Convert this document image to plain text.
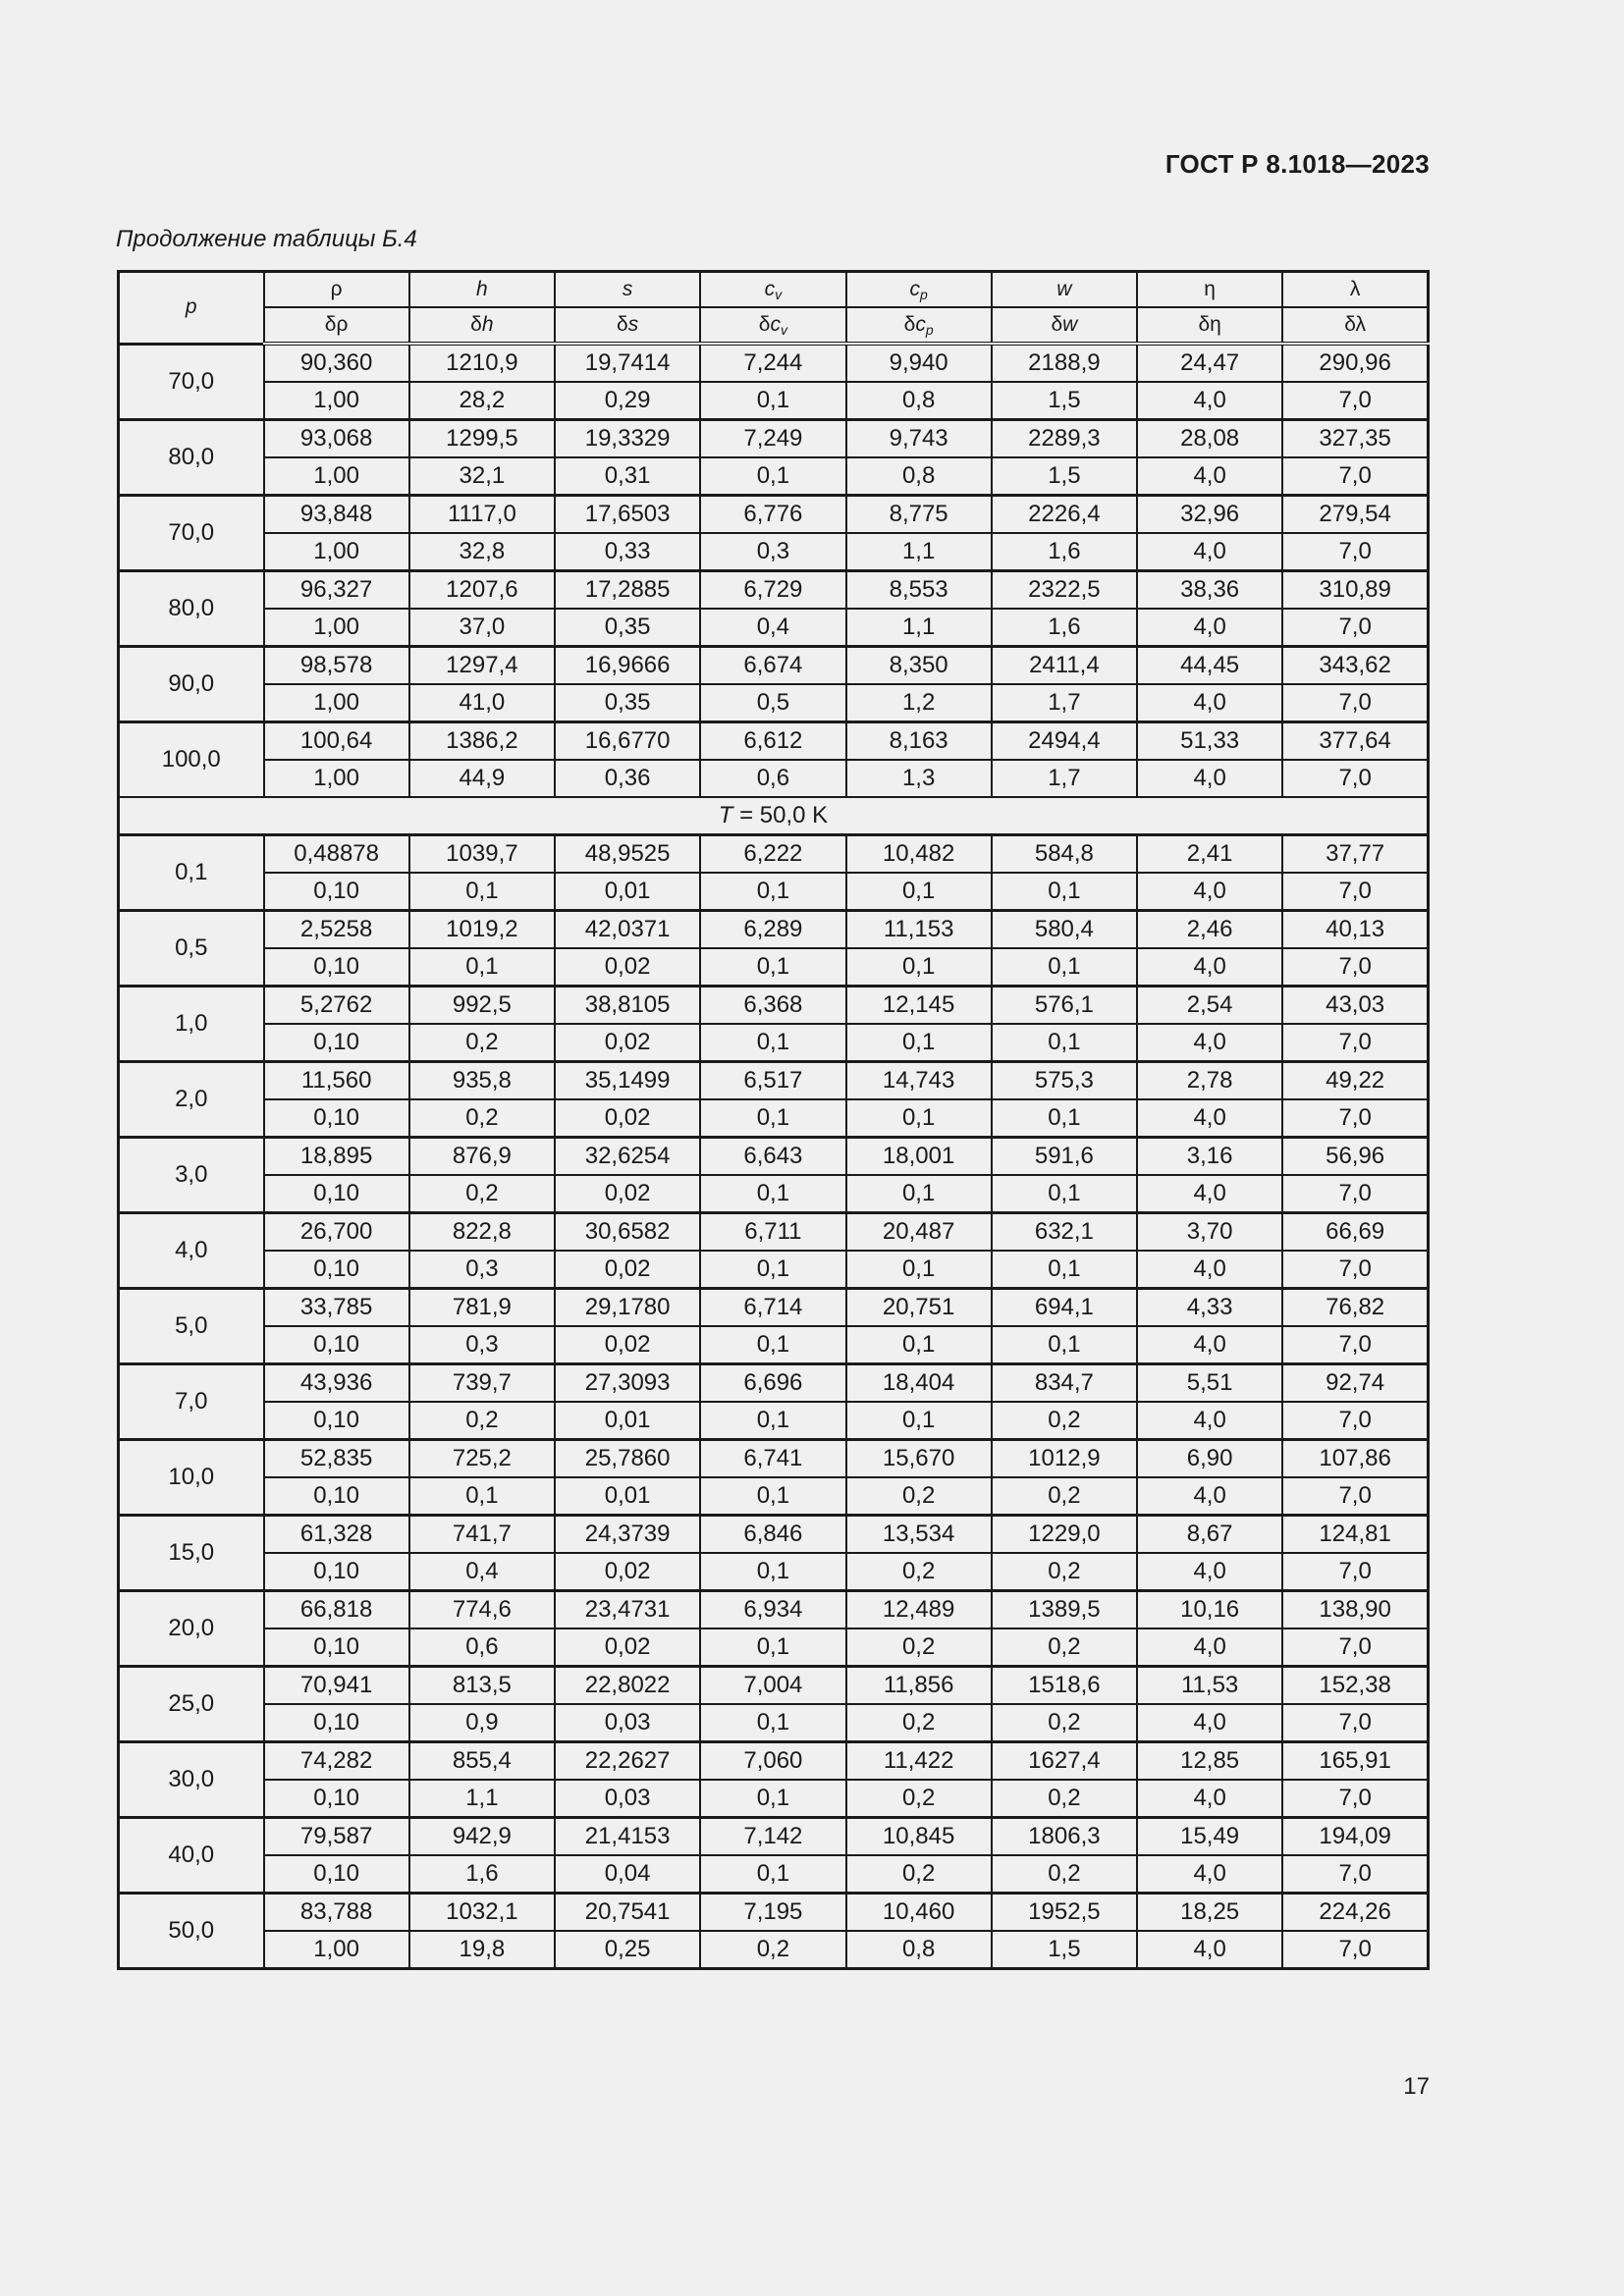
ГОСТ Р 8.1018—2023
Продолжение таблицы Б.4
p	ρ	h	s	$c_v$	$c_p$	w	η	λ
	δρ	δh	δs	$\delta c_v$	$\delta c_p$	δw	δη	δλ
70,0	90,360	1210,9	19,7414	7,244	9,940	2188,9	24,47	290,96
	1,00	28,2	0,29	0,1	0,8	1,5	4,0	7,0
80,0	93,068	1299,5	19,3329	7,249	9,743	2289,3	28,08	327,35
	1,00	32,1	0,31	0,1	0,8	1,5	4,0	7,0
70,0	93,848	1117,0	17,6503	6,776	8,775	2226,4	32,96	279,54
	1,00	32,8	0,33	0,3	1,1	1,6	4,0	7,0
80,0	96,327	1207,6	17,2885	6,729	8,553	2322,5	38,36	310,89
	1,00	37,0	0,35	0,4	1,1	1,6	4,0	7,0
90,0	98,578	1297,4	16,9666	6,674	8,350	2411,4	44,45	343,62
	1,00	41,0	0,35	0,5	1,2	1,7	4,0	7,0
100,0	100,64	1386,2	16,6770	6,612	8,163	2494,4	51,33	377,64
	1,00	44,9	0,36	0,6	1,3	1,7	4,0	7,0
T = 50,0 K								
0,1	0,48878	1039,7	48,9525	6,222	10,482	584,8	2,41	37,77
	0,10	0,1	0,01	0,1	0,1	0,1	4,0	7,0
0,5	2,5258	1019,2	42,0371	6,289	11,153	580,4	2,46	40,13
	0,10	0,1	0,02	0,1	0,1	0,1	4,0	7,0
1,0	5,2762	992,5	38,8105	6,368	12,145	576,1	2,54	43,03
	0,10	0,2	0,02	0,1	0,1	0,1	4,0	7,0
2,0	11,560	935,8	35,1499	6,517	14,743	575,3	2,78	49,22
	0,10	0,2	0,02	0,1	0,1	0,1	4,0	7,0
3,0	18,895	876,9	32,6254	6,643	18,001	591,6	3,16	56,96
	0,10	0,2	0,02	0,1	0,1	0,1	4,0	7,0
4,0	26,700	822,8	30,6582	6,711	20,487	632,1	3,70	66,69
	0,10	0,3	0,02	0,1	0,1	0,1	4,0	7,0
5,0	33,785	781,9	29,1780	6,714	20,751	694,1	4,33	76,82
	0,10	0,3	0,02	0,1	0,1	0,1	4,0	7,0
7,0	43,936	739,7	27,3093	6,696	18,404	834,7	5,51	92,74
	0,10	0,2	0,01	0,1	0,1	0,2	4,0	7,0
10,0	52,835	725,2	25,7860	6,741	15,670	1012,9	6,90	107,86
	0,10	0,1	0,01	0,1	0,2	0,2	4,0	7,0
15,0	61,328	741,7	24,3739	6,846	13,534	1229,0	8,67	124,81
	0,10	0,4	0,02	0,1	0,2	0,2	4,0	7,0
20,0	66,818	774,6	23,4731	6,934	12,489	1389,5	10,16	138,90
	0,10	0,6	0,02	0,1	0,2	0,2	4,0	7,0
25,0	70,941	813,5	22,8022	7,004	11,856	1518,6	11,53	152,38
	0,10	0,9	0,03	0,1	0,2	0,2	4,0	7,0
30,0	74,282	855,4	22,2627	7,060	11,422	1627,4	12,85	165,91
	0,10	1,1	0,03	0,1	0,2	0,2	4,0	7,0
40,0	79,587	942,9	21,4153	7,142	10,845	1806,3	15,49	194,09
	0,10	1,6	0,04	0,1	0,2	0,2	4,0	7,0
50,0	83,788	1032,1	20,7541	7,195	10,460	1952,5	18,25	224,26
	1,00	19,8	0,25	0,2	0,8	1,5	4,0	7,0
17
